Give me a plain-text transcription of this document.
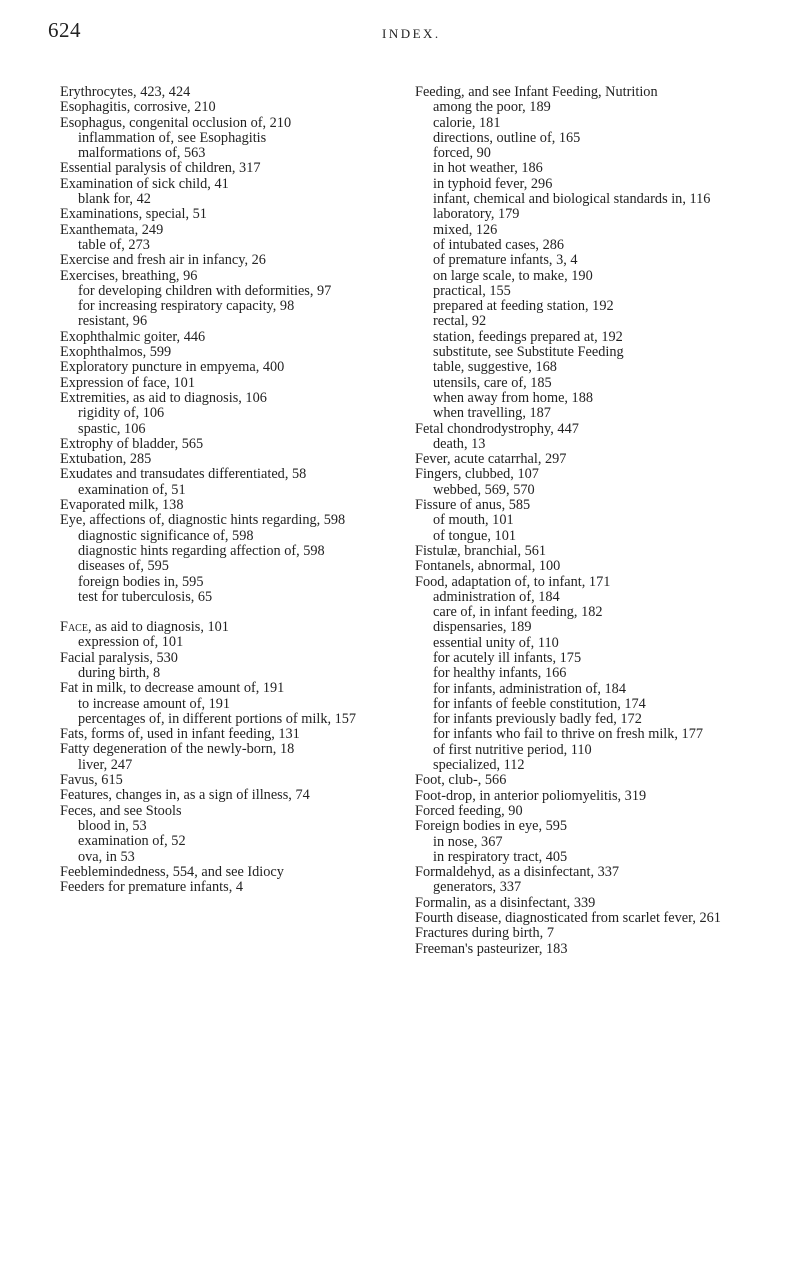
624	INDEX.

Erythrocytes, 423, 424

Esophagitis, corrosive, 210

Esophagus, congenital occlusion of, 210

inflammation of, see Esophagitis

malformations of, 563

Essential paralysis of children, 317

Examination of sick child, 41

blank for, 42

Examinations, special, 51

Exanthemata, 249

table of, 273

Exercise and fresh air in infancy, 26

Exercises, breathing, 96

for developing children with deformities, 97

for increasing respiratory capacity, 98

resistant, 96

Exophthalmic goiter, 446

Exophthalmos, 599

Exploratory puncture in empyema, 400

Expression of face, 101

Extremities, as aid to diagnosis, 106

rigidity of, 106

spastic, 106

Extrophy of bladder, 565

Extubation, 285

Exudates and transudates differentiated, 58

examination of, 51

Evaporated milk, 138

Eye, affections of, diagnostic hints regarding, 598

diagnostic significance of, 598

diagnostic hints regarding affection of, 598

diseases of, 595

foreign bodies in, 595

test for tuberculosis, 65

Face, as aid to diagnosis, 101

expression of, 101

Facial paralysis, 530

during birth, 8

Fat in milk, to decrease amount of, 191

to increase amount of, 191

percentages of, in different portions of milk, 157

Fats, forms of, used in infant feeding, 131

Fatty degeneration of the newly-born, 18

liver, 247

Favus, 615

Features, changes in, as a sign of illness, 74

Feces, and see Stools

blood in, 53

examination of, 52

ova, in 53

Feeblemindedness, 554, and see Idiocy

Feeders for premature infants, 4

Feeding, and see Infant Feeding, Nutrition

among the poor, 189

calorie, 181

directions, outline of, 165

forced, 90

in hot weather, 186

in typhoid fever, 296

infant, chemical and biological standards in, 116

laboratory, 179

mixed, 126

of intubated cases, 286

of premature infants, 3, 4

on large scale, to make, 190

practical, 155

prepared at feeding station, 192

rectal, 92

station, feedings prepared at, 192

substitute, see Substitute Feeding

table, suggestive, 168

utensils, care of, 185

when away from home, 188

when travelling, 187

Fetal chondrodystrophy, 447

death, 13

Fever, acute catarrhal, 297

Fingers, clubbed, 107

webbed, 569, 570

Fissure of anus, 585

of mouth, 101

of tongue, 101

Fistulæ, branchial, 561

Fontanels, abnormal, 100

Food, adaptation of, to infant, 171

administration of, 184

care of, in infant feeding, 182

dispensaries, 189

essential unity of, 110

for acutely ill infants, 175

for healthy infants, 166

for infants, administration of, 184

for infants of feeble constitution, 174

for infants previously badly fed, 172

for infants who fail to thrive on fresh milk, 177

of first nutritive period, 110

specialized, 112

Foot, club-, 566

Foot-drop, in anterior poliomyelitis, 319

Forced feeding, 90

Foreign bodies in eye, 595

in nose, 367

in respiratory tract, 405

Formaldehyd, as a disinfectant, 337

generators, 337

Formalin, as a disinfectant, 339

Fourth disease, diagnosticated from scarlet fever, 261

Fractures during birth, 7

Freeman's pasteurizer, 183
